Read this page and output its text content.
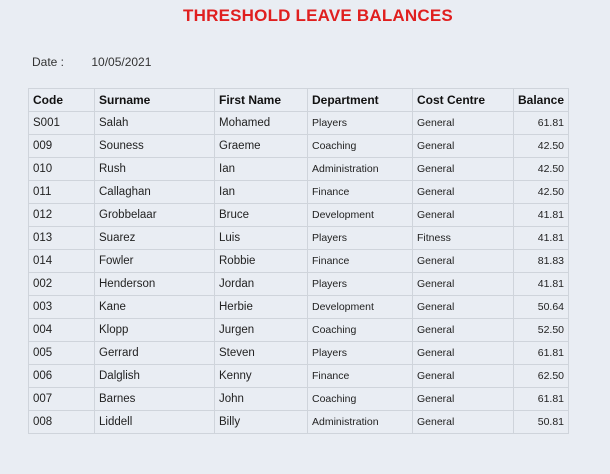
THRESHOLD LEAVE BALANCES
Date : 10/05/2021
Code	Surname	First Name	Department	Cost Centre	Balance
S001	Salah	Mohamed	Players	General	61.81
009	Souness	Graeme	Coaching	General	42.50
010	Rush	Ian	Administration	General	42.50
011	Callaghan	Ian	Finance	General	42.50
012	Grobbelaar	Bruce	Development	General	41.81
013	Suarez	Luis	Players	Fitness	41.81
014	Fowler	Robbie	Finance	General	81.83
002	Henderson	Jordan	Players	General	41.81
003	Kane	Herbie	Development	General	50.64
004	Klopp	Jurgen	Coaching	General	52.50
005	Gerrard	Steven	Players	General	61.81
006	Dalglish	Kenny	Finance	General	62.50
007	Barnes	John	Coaching	General	61.81
008	Liddell	Billy	Administration	General	50.81
